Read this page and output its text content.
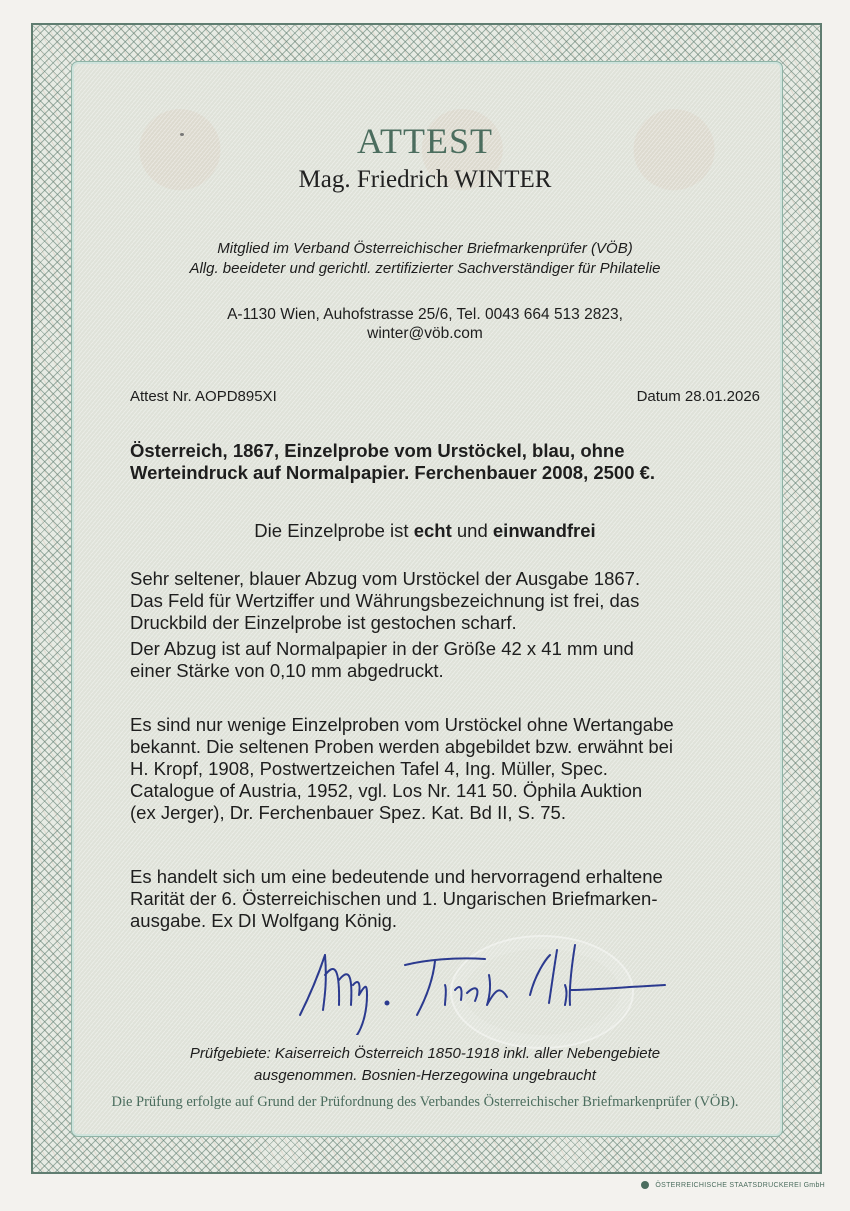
ATTEST
Mag. Friedrich WINTER
Mitglied im Verband Österreichischer Briefmarkenprüfer (VÖB)
Allg. beeideter und gerichtl. zertifizierter Sachverständiger für Philatelie
A-1130 Wien, Auhofstrasse 25/6, Tel. 0043 664 513 2823,
winter@vöb.com
Attest Nr. AOPD895XI	Datum 28.01.2026
Österreich, 1867, Einzelprobe vom Urstöckel, blau, ohne
Werteindruck auf Normalpapier. Ferchenbauer 2008, 2500 €.
Die Einzelprobe ist echt und einwandfrei
Sehr seltener, blauer Abzug vom Urstöckel der Ausgabe 1867.
Das Feld für Wertziffer und Währungsbezeichnung ist frei, das
Druckbild der Einzelprobe ist gestochen scharf.
Der Abzug ist auf Normalpapier in der Größe 42 x 41 mm und
einer Stärke von 0,10 mm abgedruckt.
Es sind nur wenige Einzelproben vom Urstöckel ohne Wertangabe
bekannt. Die seltenen Proben werden abgebildet bzw. erwähnt bei
H. Kropf, 1908, Postwertzeichen Tafel 4, Ing. Müller, Spec.
Catalogue of Austria, 1952, vgl. Los Nr. 141 50. Öphila Auktion
(ex Jerger), Dr. Ferchenbauer Spez. Kat. Bd II, S. 75.
Es handelt sich um eine bedeutende und hervorragend erhaltene
Rarität der 6. Österreichischen und 1. Ungarischen Briefmarken-
ausgabe. Ex DI Wolfgang König.
Prüfgebiete: Kaiserreich Österreich 1850-1918 inkl. aller Nebengebiete
ausgenommen. Bosnien-Herzegowina ungebraucht
Die Prüfung erfolgte auf Grund der Prüfordnung des Verbandes Österreichischer Briefmarkenprüfer (VÖB).
ÖSTERREICHISCHE STAATSDRUCKEREI GmbH
